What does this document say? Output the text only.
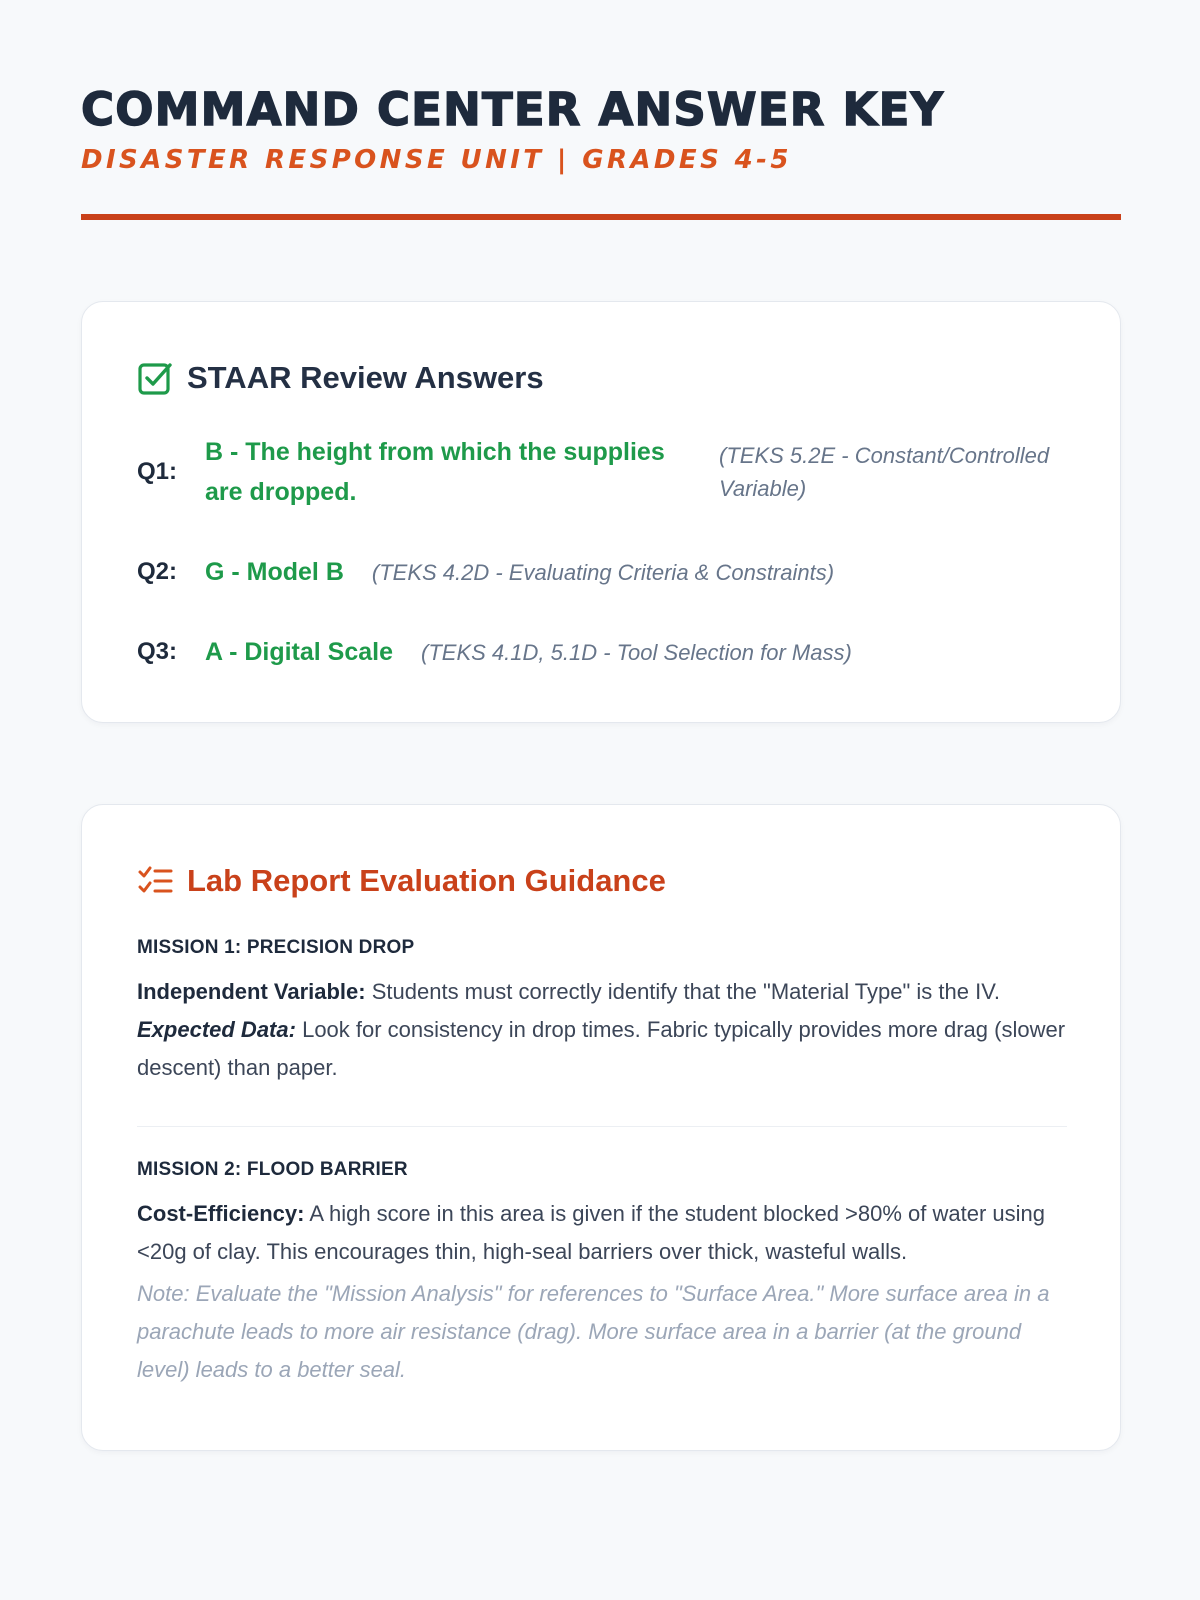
COMMAND CENTER ANSWER KEY
DISASTER RESPONSE UNIT | GRADES 4-5
STAAR Review Answers
Q1:
B - The height from which the supplies are dropped.
(TEKS 5.2E - Constant/Controlled Variable)
Q2:	G - Model B (TEKS 4.2D - Evaluating Criteria & Constraints)
Q3:	A - Digital Scale (TEKS 4.1D, 5.1D - Tool Selection for Mass)
Lab Report Evaluation Guidance
MISSION 1: PRECISION DROP

Independent Variable: Students must correctly identify that the "Material Type" is the IV.
Expected Data: Look for consistency in drop times. Fabric typically provides more drag (slower descent) than paper.

MISSION 2: FLOOD BARRIER

Cost-Efficiency: A high score in this area is given if the student blocked >80% of water using <20g of clay. This encourages thin, high-seal barriers over thick, wasteful walls.

Note: Evaluate the "Mission Analysis" for references to "Surface Area." More surface area in a parachute leads to more air resistance (drag). More surface area in a barrier (at the ground level) leads to a better seal.
